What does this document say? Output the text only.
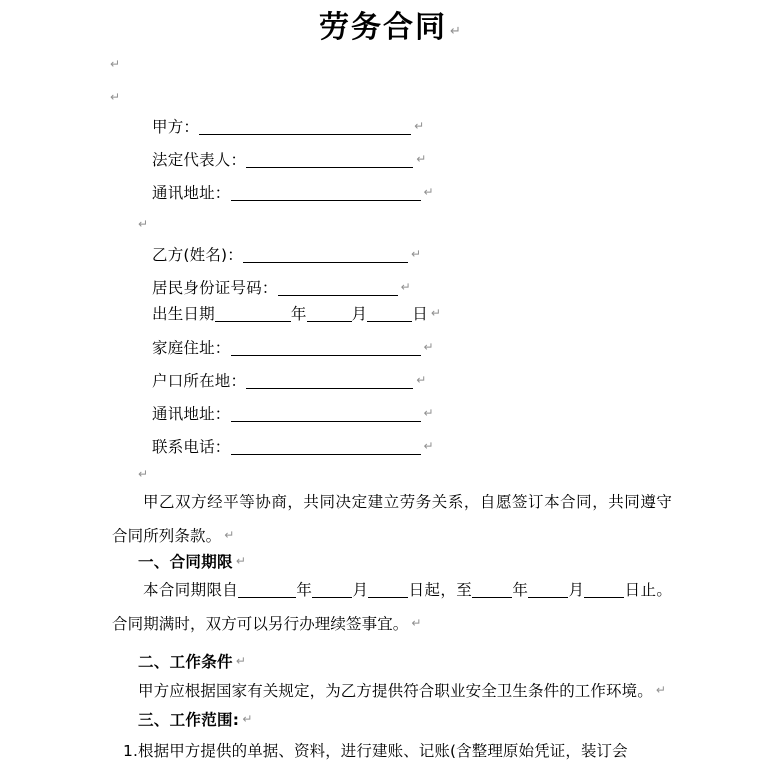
劳务合同 ↵
↵
↵
甲方：	↵
法定代表人：	↵
通讯地址：	↵
↵
乙方(姓名)：	↵
居民身份证号码：	↵
出生日期	年	月	日 ↵
家庭住址：	↵
户口所在地：	↵
通讯地址：	↵
联系电话：	↵
↵
甲乙双方经平等协商，共同决定建立劳务关系，自愿签订本合同，共同遵守合同所列条款。 ↵
一、合同期限 ↵
本合同期限自	年	月	日起，至	年	月	日止。合同期满时，双方可以另行办理续签事宜。 ↵
二、工作条件 ↵
甲方应根据国家有关规定，为乙方提供符合职业安全卫生条件的工作环境。 ↵
三、工作范围: ↵
1.根据甲方提供的单据、资料，进行建账、记账(含整理原始凭证，装订会
